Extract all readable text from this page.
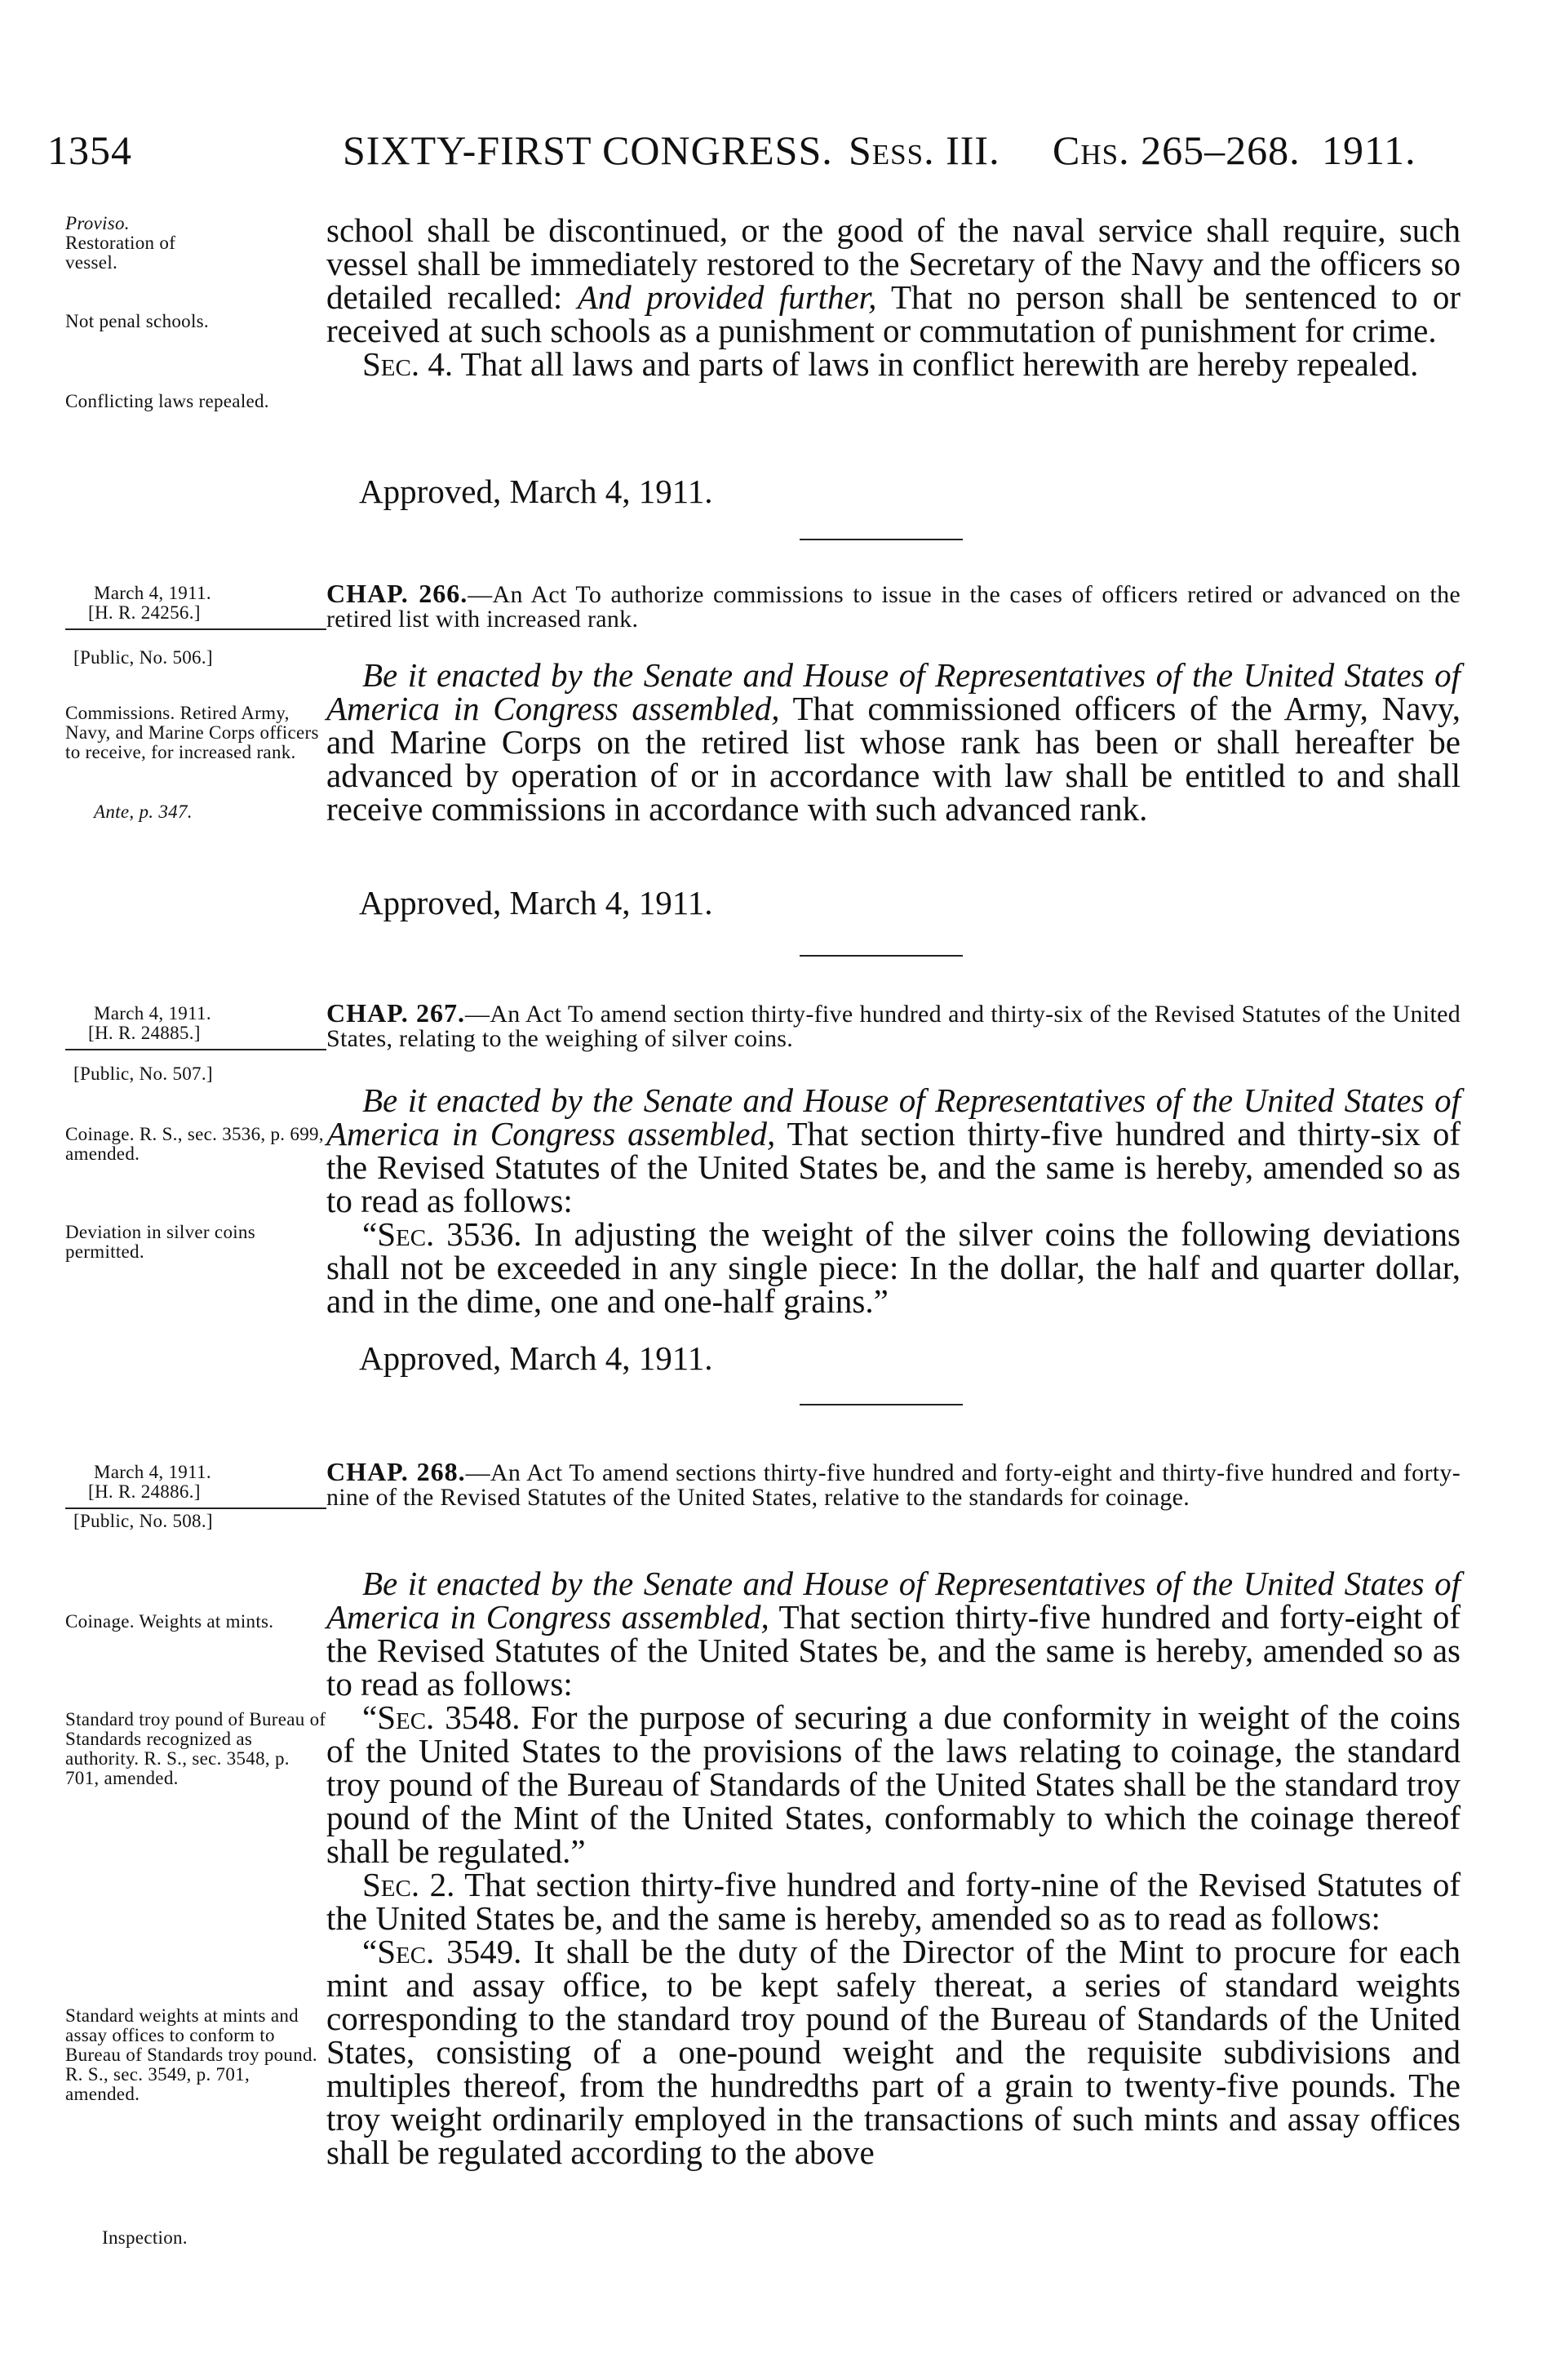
1354	SIXTY-FIRST CONGRESS. Sess. III. Chs. 265–268. 1911.
Proviso.
Restoration of vessel.
Not penal schools.
Conflicting laws repealed.

school shall be discontinued, or the good of the naval service shall require, such vessel shall be immediately restored to the Secretary of the Navy and the officers so detailed recalled: And provided further, That no person shall be sentenced to or received at such schools as a punishment or commutation of punishment for crime.

Sec. 4. That all laws and parts of laws in conflict herewith are hereby repealed.

Approved, March 4, 1911.
March 4, 1911.
[H. R. 24256.]
[Public, No. 506.]
Commissions. Retired Army, Navy, and Marine Corps officers to receive, for increased rank.
Ante, p. 347.
CHAP. 266.—An Act To authorize commissions to issue in the cases of officers retired or advanced on the retired list with increased rank.

Be it enacted by the Senate and House of Representatives of the United States of America in Congress assembled, That commissioned officers of the Army, Navy, and Marine Corps on the retired list whose rank has been or shall hereafter be advanced by operation of or in accordance with law shall be entitled to and shall receive commissions in accordance with such advanced rank.

Approved, March 4, 1911.
March 4, 1911.
[H. R. 24885.]
[Public, No. 507.]
Coinage. R. S., sec. 3536, p. 699, amended.
Deviation in silver coins permitted.
CHAP. 267.—An Act To amend section thirty-five hundred and thirty-six of the Revised Statutes of the United States, relating to the weighing of silver coins.

Be it enacted by the Senate and House of Representatives of the United States of America in Congress assembled, That section thirty-five hundred and thirty-six of the Revised Statutes of the United States be, and the same is hereby, amended so as to read as follows:

“Sec. 3536. In adjusting the weight of the silver coins the following deviations shall not be exceeded in any single piece: In the dollar, the half and quarter dollar, and in the dime, one and one-half grains.”

Approved, March 4, 1911.
March 4, 1911.
[H. R. 24886.]
[Public, No. 508.]
Coinage. Weights at mints.
Standard troy pound of Bureau of Standards recognized as authority. R. S., sec. 3548, p. 701, amended.
Standard weights at mints and assay offices to conform to Bureau of Standards troy pound. R. S., sec. 3549, p. 701, amended.
Inspection.
CHAP. 268.—An Act To amend sections thirty-five hundred and forty-eight and thirty-five hundred and forty-nine of the Revised Statutes of the United States, relative to the standards for coinage.

Be it enacted by the Senate and House of Representatives of the United States of America in Congress assembled, That section thirty-five hundred and forty-eight of the Revised Statutes of the United States be, and the same is hereby, amended so as to read as follows:

“Sec. 3548. For the purpose of securing a due conformity in weight of the coins of the United States to the provisions of the laws relating to coinage, the standard troy pound of the Bureau of Standards of the United States shall be the standard troy pound of the Mint of the United States, conformably to which the coinage thereof shall be regulated.”

Sec. 2. That section thirty-five hundred and forty-nine of the Revised Statutes of the United States be, and the same is hereby, amended so as to read as follows:

“Sec. 3549. It shall be the duty of the Director of the Mint to procure for each mint and assay office, to be kept safely thereat, a series of standard weights corresponding to the standard troy pound of the Bureau of Standards of the United States, consisting of a one-pound weight and the requisite subdivisions and multiples thereof, from the hundredths part of a grain to twenty-five pounds. The troy weight ordinarily employed in the transactions of such mints and assay offices shall be regulated according to the above
